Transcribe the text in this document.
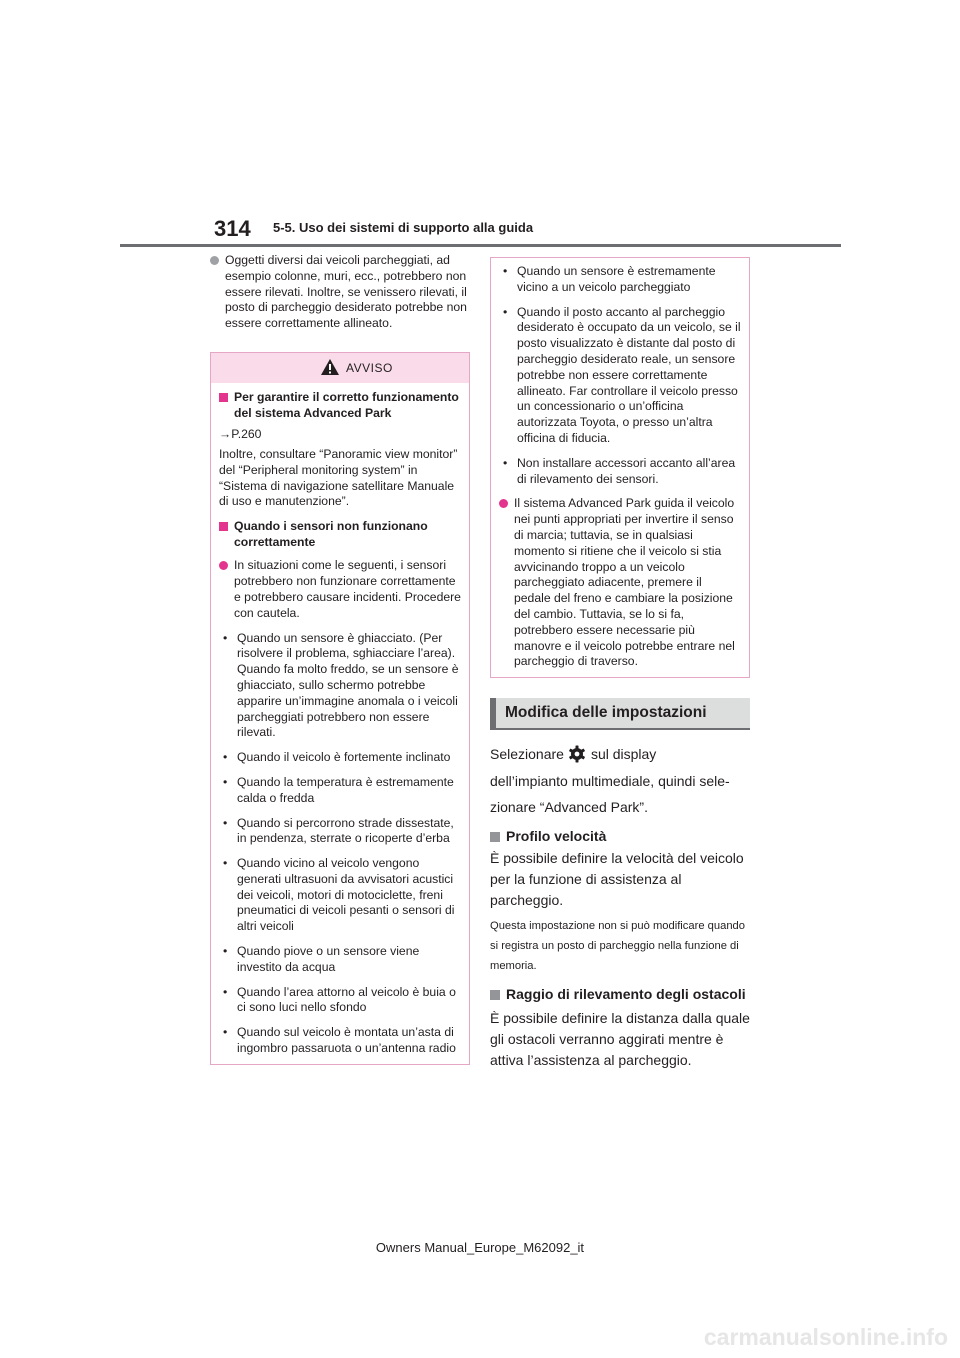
314 5-5. Uso dei sistemi di supporto alla guida
Oggetti diversi dai veicoli parcheggiati, ad esempio colonne, muri, ecc., potrebbero non essere rilevati. Inoltre, se venissero rilevati, il posto di parcheggio desiderato potrebbe non essere correttamente allineato.
AVVISO
Per garantire il corretto funzionamento del sistema Advanced Park
→P.260
Inoltre, consultare “Panoramic view monitor” del “Peripheral monitoring system” in “Sistema di navigazione satellitare Manuale di uso e manutenzione”.
Quando i sensori non funzionano correttamente
In situazioni come le seguenti, i sensori potrebbero non funzionare correttamente e potrebbero causare incidenti. Procedere con cautela.
• Quando un sensore è ghiacciato. (Per risolvere il problema, sghiacciare l’area). Quando fa molto freddo, se un sensore è ghiacciato, sullo schermo potrebbe apparire un’immagine anomala o i veicoli parcheggiati potrebbero non essere rilevati.
• Quando il veicolo è fortemente inclinato
• Quando la temperatura è estremamente calda o fredda
• Quando si percorrono strade dissestate, in pendenza, sterrate o ricoperte d’erba
• Quando vicino al veicolo vengono generati ultrasuoni da avvisatori acustici dei veicoli, motori di motociclette, freni pneumatici di veicoli pesanti o sensori di altri veicoli
• Quando piove o un sensore viene investito da acqua
• Quando l’area attorno al veicolo è buia o ci sono luci nello sfondo
• Quando sul veicolo è montata un’asta di ingombro passaruota o un’antenna radio
• Quando un sensore è estremamente vicino a un veicolo parcheggiato
• Quando il posto accanto al parcheggio desiderato è occupato da un veicolo, se il posto visualizzato è distante dal posto di parcheggio desiderato reale, un sensore potrebbe non essere correttamente allineato. Far controllare il veicolo presso un concessionario o un’officina autorizzata Toyota, o presso un’altra officina di fiducia.
• Non installare accessori accanto all’area di rilevamento dei sensori.
Il sistema Advanced Park guida il veicolo nei punti appropriati per invertire il senso di marcia; tuttavia, se in qualsiasi momento si ritiene che il veicolo si stia avvicinando troppo a un veicolo parcheggiato adiacente, premere il pedale del freno e cambiare la posizione del cambio. Tuttavia, se lo si fa, potrebbero essere necessarie più manovre e il veicolo potrebbe entrare nel parcheggio di traverso.
Modifica delle impostazioni
Selezionare sul display
dell’impianto multimediale, quindi sele-
zionare “Advanced Park”.
Profilo velocità
È possibile definire la velocità del veicolo per la funzione di assistenza al parcheggio.
Questa impostazione non si può modificare quando si registra un posto di parcheggio nella funzione di memoria.
Raggio di rilevamento degli ostacoli
È possibile definire la distanza dalla quale gli ostacoli verranno aggirati mentre è attiva l’assistenza al parcheggio.
Owners Manual_Europe_M62092_it
carmanualsonline.info
